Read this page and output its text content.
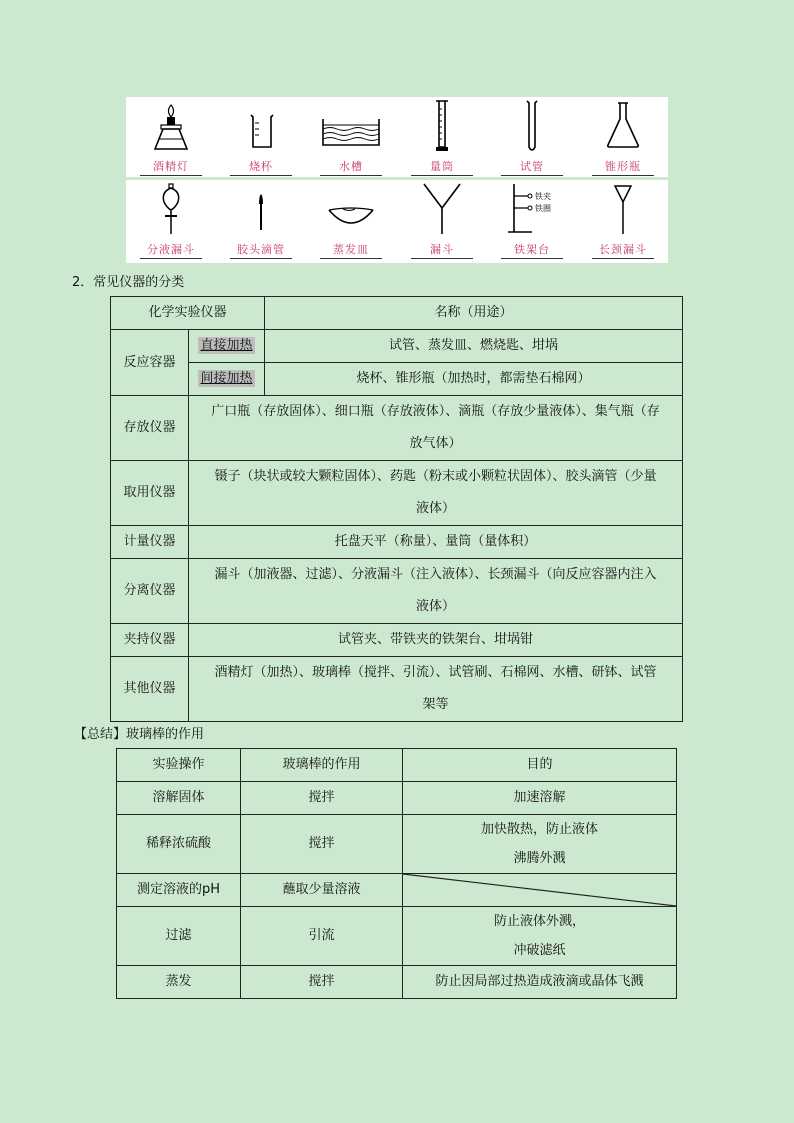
酒精灯	烧杯	水槽	量筒	试管	锥形瓶
分液漏斗	胶头滴管	蒸发皿	漏斗
铁夹
铁圈
铁架台	长颈漏斗
2．常见仪器的分类
化学实验仪器		名称（用途）
反应容器	直接加热	试管、蒸发皿、燃烧匙、坩埚
	间接加热	烧杯、锥形瓶（加热时，都需垫石棉网）
存放仪器	广口瓶（存放固体）、细口瓶（存放液体）、滴瓶（存放少量液体）、集气瓶（存
放气体）	

取用仪器	镊子（块状或较大颗粒固体）、药匙（粉末或小颗粒状固体）、胶头滴管（少量
液体）	

计量仪器	托盘天平（称量）、量筒（量体积）	
分离仪器	漏斗（加液器、过滤）、分液漏斗（注入液体）、长颈漏斗（向反应容器内注入
液体）	

夹持仪器	试管夹、带铁夹的铁架台、坩埚钳	
其他仪器	酒精灯（加热）、玻璃棒（搅拌、引流）、试管刷、石棉网、水槽、研钵、试管
架等	
【总结】玻璃棒的作用
实验操作	玻璃棒的作用	目的
溶解固体	搅拌	加速溶解
稀释浓硫酸	搅拌	加快散热，防止液体
沸腾外溅

测定溶液的pH	蘸取少量溶液	

过滤	引流	防止液体外溅，
冲破滤纸

蒸发	搅拌	防止因局部过热造成液滴或晶体飞溅
